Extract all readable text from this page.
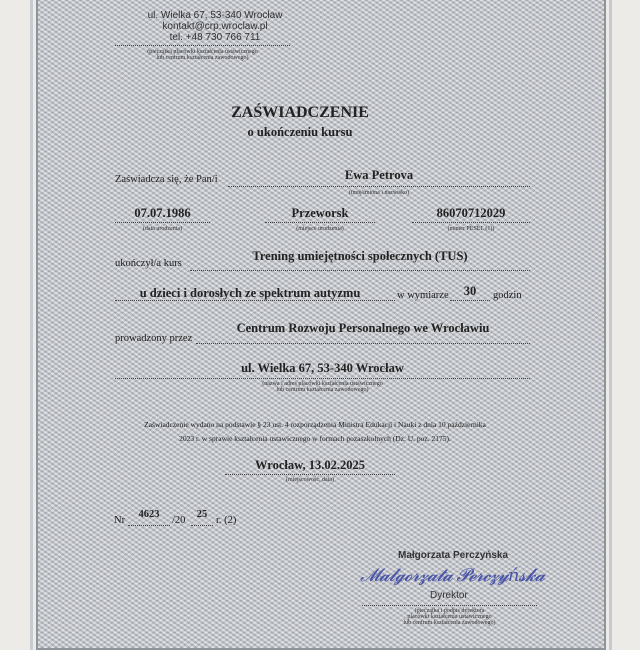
ul. Wielka 67, 53-340 Wrocław
kontakt@crp.wroclaw.pl
tel. +48 730 766 711
(pieczątka placówki kształcenia ustawicznego
lub centrum kształcenia zawodowego)
ZAŚWIADCZENIE
o ukończeniu kursu
Zaświadcza się, że Pan/i	Ewa Petrova
(imię/imiona i nazwisko)
07.07.1986
(data urodzenia)
Przeworsk
(miejsce urodzenia)
86070712029
(numer PESEL (1))
ukończył/a kurs
Trening umiejętności społecznych (TUS)
u dzieci i dorosłych ze spektrum autyzmu	w wymiarze	30	godzin
prowadzony przez
Centrum Rozwoju Personalnego we Wrocławiu
ul. Wielka 67, 53-340 Wrocław
(nazwa i adres placówki kształcenia ustawicznego
lub centrum kształcenia zawodowego)
Zaświadczenie wydano na podstawie § 23 ust. 4 rozporządzenia Ministra Edukacji i Nauki z dnia 10 października
2023 r. w sprawie kształcenia ustawicznego w formach pozaszkolnych (Dz. U. poz. 2175).
Wrocław, 13.02.2025
(miejscowość, data)
Nr
4623
/20
25
r. (2)
Małgorzata Perczyńska
𝓜𝓪𝓵𝓰𝓸𝓻𝔃𝓪𝓽𝓪 𝓟𝓮𝓻𝓬𝔃𝔂ń𝓼𝓴𝓪
Dyrektor
(pieczątka i podpis dyrektora
placówki kształcenia ustawicznego
lub centrum kształcenia zawodowego)
